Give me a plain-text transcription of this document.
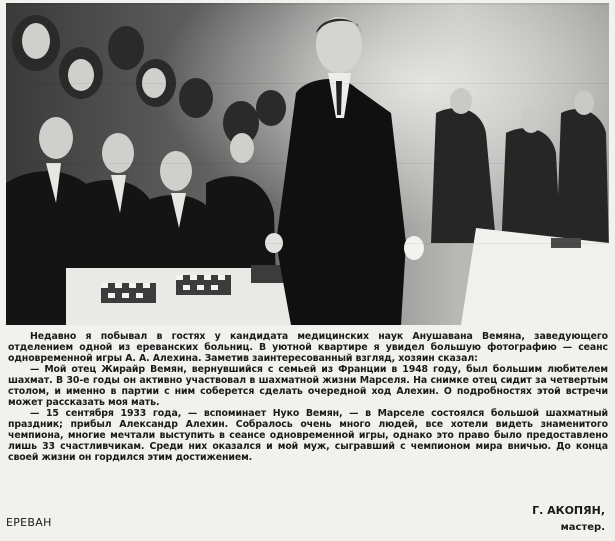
Недавно я побывал в гостях у кандидата медицинских наук Анушавана Вемяна, заведующего отделением одной из ереванских больниц. В уютной квартире я увидел большую фотографию — сеанс одновременной игры А. А. Алехина. Заметив заинтересованный взгляд, хозяин сказал:

— Мой отец Жирайр Вемян, вернувшийся с семьей из Франции в 1948 году, был большим любителем шахмат. В 30-е годы он активно участвовал в шахматной жизни Марселя. На снимке отец сидит за четвертым столом, и именно в партии с ним соберется сделать очередной ход Алехин. О подробностях этой встречи может рассказать моя мать.

— 15 сентября 1933 года, — вспоминает Нуко Вемян, — в Марселе состоялся большой шахматный праздник; прибыл Александр Алехин. Собралось очень много людей, все хотели видеть знаменитого чемпиона, многие мечтали выступить в сеансе одновременной игры, однако это право было предоставлено лишь 33 счастливчикам. Среди них оказался и мой муж, сыгравший с чемпионом мира вничью. До конца своей жизни он гордился этим достижением.

ЕРЕВАН
Г. АКОПЯН,
мастер.
